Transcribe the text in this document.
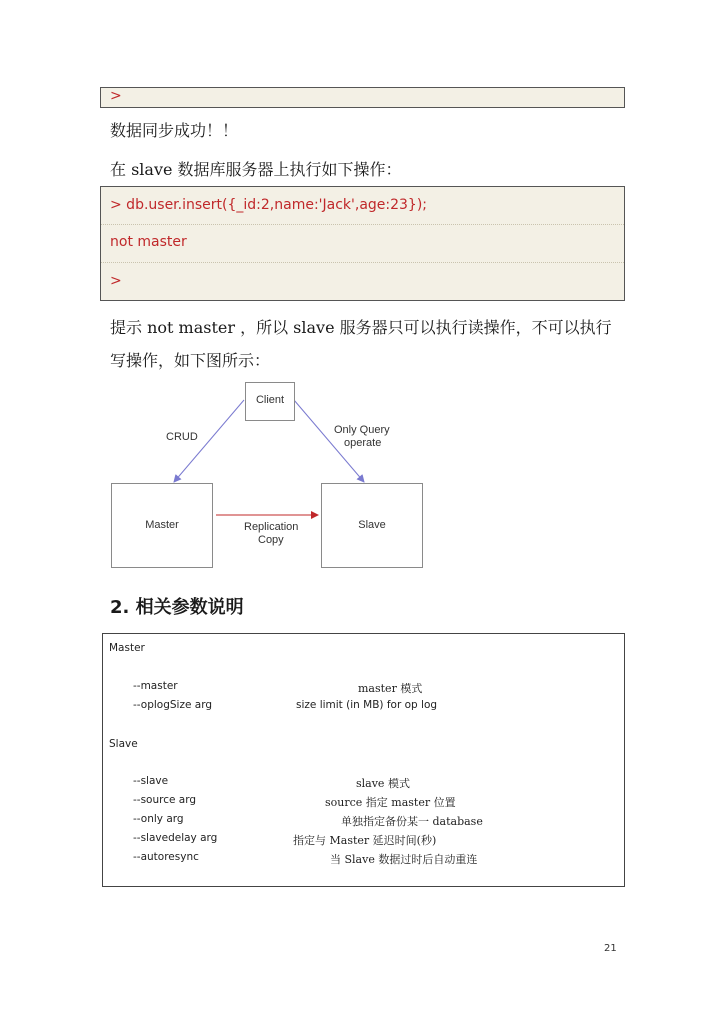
>

数据同步成功！！
在 slave 数据库服务器上执行如下操作：

> db.user.insert({_id:2,name:'Jack',age:23});

not master

>

提示 not master ，所以 slave 服务器只可以执行读操作，不可以执行
写操作，如下图所示：
Client
CRUD
Only Query
operate
Master	Slave
Replication
Copy
2. 相关参数说明
Master
--master	master 模式
--oplogSize arg	size limit (in MB) for op log
Slave
--slave	slave 模式
--source arg	source 指定 master 位置
--only arg	单独指定备份某一 database
--slavedelay arg	指定与 Master 延迟时间(秒)
--autoresync	当 Slave 数据过时后自动重连
21
